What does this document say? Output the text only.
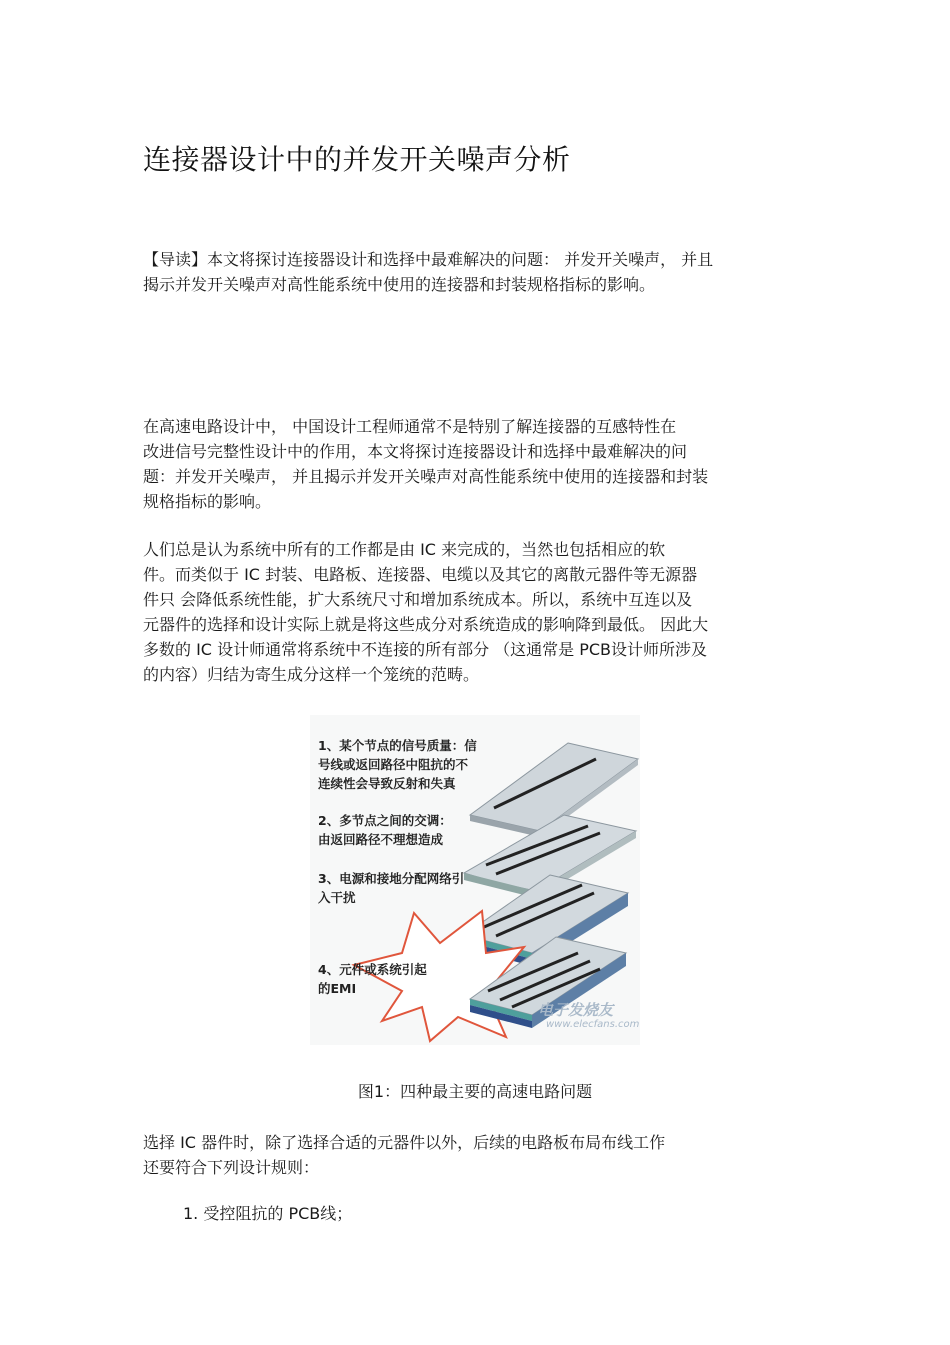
连接器设计中的并发开关噪声分析

【导读】本文将探讨连接器设计和选择中最难解决的问题： 并发开关噪声， 并且
揭示并发开关噪声对高性能系统中使用的连接器和封装规格指标的影响。

在高速电路设计中， 中国设计工程师通常不是特别了解连接器的互感特性在
改进信号完整性设计中的作用，本文将探讨连接器设计和选择中最难解决的问
题：并发开关噪声， 并且揭示并发开关噪声对高性能系统中使用的连接器和封装
规格指标的影响。

人们总是认为系统中所有的工作都是由 IC 来完成的，当然也包括相应的软
件。而类似于 IC 封装、电路板、连接器、电缆以及其它的离散元器件等无源器
件只 会降低系统性能，扩大系统尺寸和增加系统成本。所以，系统中互连以及
元器件的选择和设计实际上就是将这些成分对系统造成的影响降到最低。 因此大
多数的 IC 设计师通常将系统中不连接的所有部分 （这通常是 PCB设计师所涉及
的内容）归结为寄生成分这样一个笼统的范畴。

1、某个节点的信号质量：信
号线或返回路径中阻抗的不
连续性会导致反射和失真
2、多节点之间的交调：
由返回路径不理想造成
3、电源和接地分配网络引
入干扰
4、元件或系统引起
的EMI
电子发烧友
www.elecfans.com
图1：四种最主要的高速电路问题

选择 IC 器件时，除了选择合适的元器件以外，后续的电路板布局布线工作
还要符合下列设计规则：

1. 受控阻抗的 PCB线；
